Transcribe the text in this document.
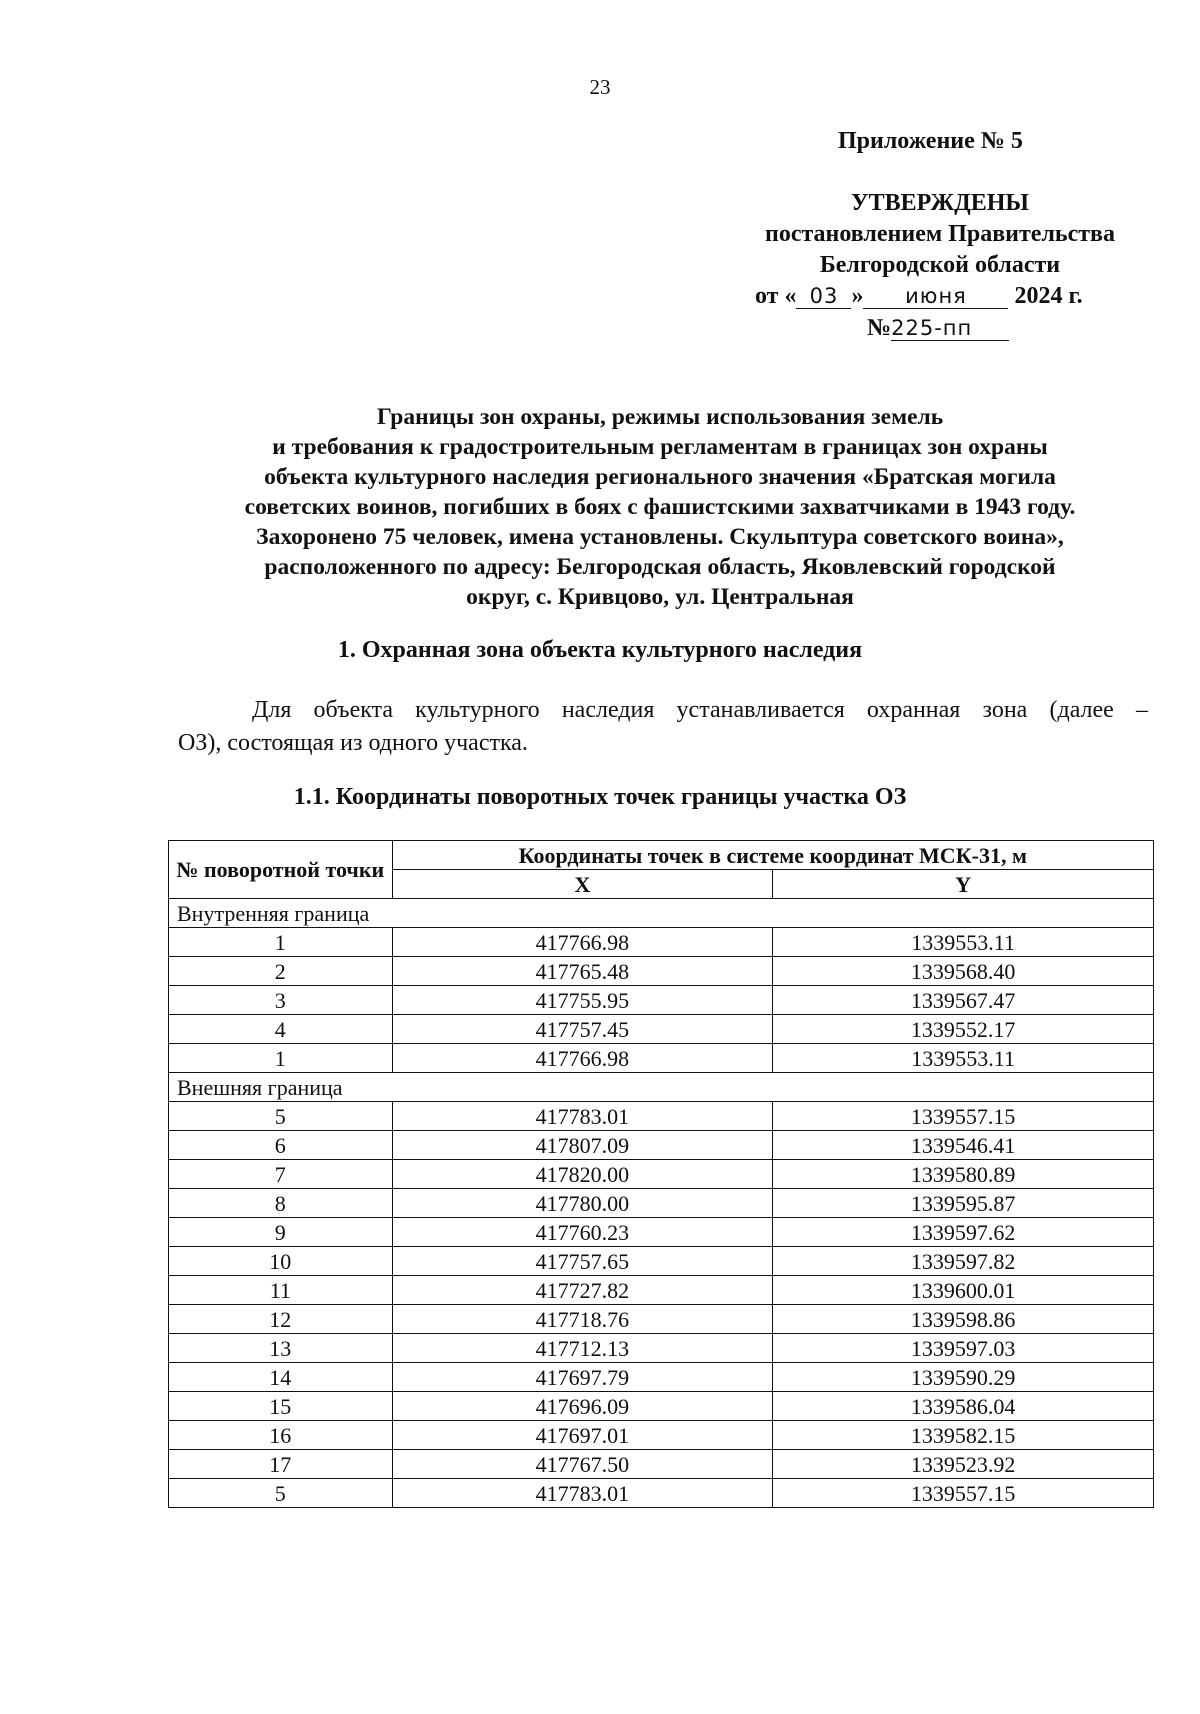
23
Приложение № 5
УТВЕРЖДЕНЫ
постановлением Правительства
Белгородской области
от « 03 » июня 2024 г.
№225-пп
Границы зон охраны, режимы использования земель
и требования к градостроительным регламентам в границах зон охраны
объекта культурного наследия регионального значения «Братская могила
советских воинов, погибших в боях с фашистскими захватчиками в 1943 году.
Захоронено 75 человек, имена установлены. Скульптура советского воина»,
расположенного по адресу: Белгородская область, Яковлевский городской
округ, с. Кривцово, ул. Центральная
1. Охранная зона объекта культурного наследия
Для объекта культурного наследия устанавливается охранная зона (далее –
ОЗ), состоящая из одного участка.
1.1. Координаты поворотных точек границы участка ОЗ
№ поворотной точки	Координаты точек в системе координат МСК-31, м	
	X	Y
Внутренняя граница		
1	417766.98	1339553.11
2	417765.48	1339568.40
3	417755.95	1339567.47
4	417757.45	1339552.17
1	417766.98	1339553.11
Внешняя граница		
5	417783.01	1339557.15
6	417807.09	1339546.41
7	417820.00	1339580.89
8	417780.00	1339595.87
9	417760.23	1339597.62
10	417757.65	1339597.82
11	417727.82	1339600.01
12	417718.76	1339598.86
13	417712.13	1339597.03
14	417697.79	1339590.29
15	417696.09	1339586.04
16	417697.01	1339582.15
17	417767.50	1339523.92
5	417783.01	1339557.15
